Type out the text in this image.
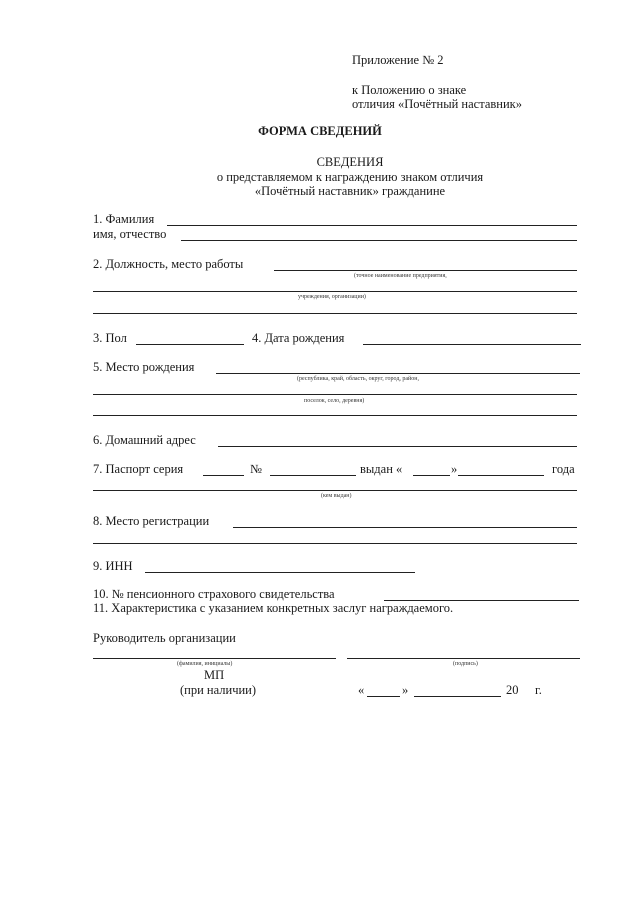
Приложение № 2
к Положению о знаке
отличия «Почётный наставник»
ФОРМА СВЕДЕНИЙ
СВЕДЕНИЯ
о представляемом к награждению знаком отличия
«Почётный наставник» гражданине
1. Фамилия
имя, отчество
2. Должность, место работы
(точное наименование предприятия,
учреждения, организации)
3. Пол	4. Дата рождения
5. Место рождения
(республика, край, область, округ, город, район,
поселок, село, деревня)
6. Домашний адрес
7. Паспорт серия	№	выдан «	»	года
(кем выдан)
8. Место регистрации
9. ИНН
10. № пенсионного страхового свидетельства
11. Характеристика с указанием конкретных заслуг награждаемого.
Руководитель организации
(фамилия, инициалы)	(подпись)
МП
(при наличии)	«	»	20 г.
